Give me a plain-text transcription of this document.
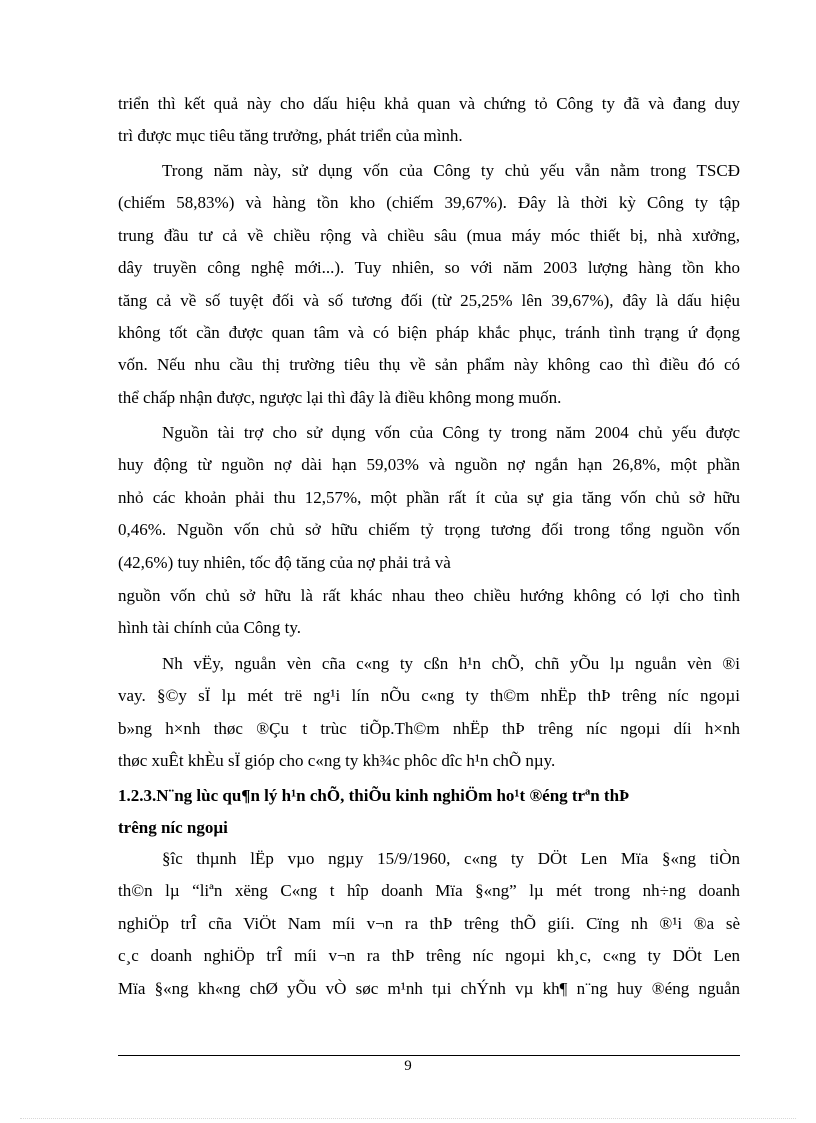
triển thì kết quả này cho dấu hiệu khả quan và chứng tỏ Công ty đã và đang duy
trì được mục tiêu tăng trưởng, phát triển của mình.

Trong năm này, sử dụng vốn của Công ty chủ yếu vẫn nằm trong TSCĐ
(chiếm 58,83%) và hàng tồn kho (chiếm 39,67%). Đây là thời kỳ Công ty tập
trung đầu tư cả về chiều rộng và chiều sâu (mua máy móc thiết bị, nhà xưởng,
dây truyền công nghệ mới...). Tuy nhiên, so với năm 2003 lượng hàng tồn kho
tăng cả về số tuyệt đối và số tương đối (từ 25,25% lên 39,67%), đây là dấu hiệu
không tốt cần được quan tâm và có biện pháp khắc phục, tránh tình trạng ứ đọng
vốn. Nếu nhu cầu thị trường tiêu thụ về sản phẩm này không cao thì điều đó có
thể chấp nhận được, ngược lại thì đây là điều không mong muốn.

Nguồn tài trợ cho sử dụng vốn của Công ty trong năm 2004 chủ yếu được
huy động từ nguồn nợ dài hạn 59,03% và nguồn nợ ngắn hạn 26,8%, một phần
nhỏ các khoản phải thu 12,57%, một phần rất ít của sự gia tăng vốn chủ sở hữu
0,46%. Nguồn vốn chủ sở hữu chiếm tỷ trọng tương đối trong tổng nguồn vốn
(42,6%) tuy nhiên, tốc độ tăng của nợ phải trả và

nguồn vốn chủ sở hữu là rất khác nhau theo chiều hướng không có lợi cho tình
hình tài chính của Công ty.

Nh vËy, nguån vèn cña c«ng ty cßn h¹n chÕ, chñ yÕu lµ nguån vèn ®i
vay. §©y sÏ lµ mét trë ng¹i lín nÕu c«ng ty th©m nhËp thÞ trêng níc ngoµi
b»ng h×nh thøc ®Çu t trùc tiÕp.Th©m nhËp thÞ trêng níc ngoµi díi h×nh
thøc xuÊt khÈu sÏ gióp cho c«ng ty kh¾c phôc dîc h¹n chÕ nµy.

1.2.3.N¨ng lùc qu¶n lý h¹n chÕ, thiÕu kinh nghiÖm ho¹t ®éng trªn thÞ
trêng níc ngoµi

§îc thµnh lËp vµo ngµy 15/9/1960, c«ng ty DÖt Len Mïa §«ng tiÒn
th©n lµ “liªn xëng C«ng t hîp doanh Mïa §«ng” lµ mét trong nh÷ng doanh
nghiÖp trÎ cña ViÖt Nam míi v¬n ra thÞ trêng thÕ giíi. Cïng nh ®¹i ®a sè
c¸c doanh nghiÖp trÎ míi v¬n ra thÞ trêng níc ngoµi kh¸c, c«ng ty DÖt Len
Mïa §«ng kh«ng chØ yÕu vÒ søc m¹nh tµi chÝnh vµ kh¶ n¨ng huy ®éng nguån

9
